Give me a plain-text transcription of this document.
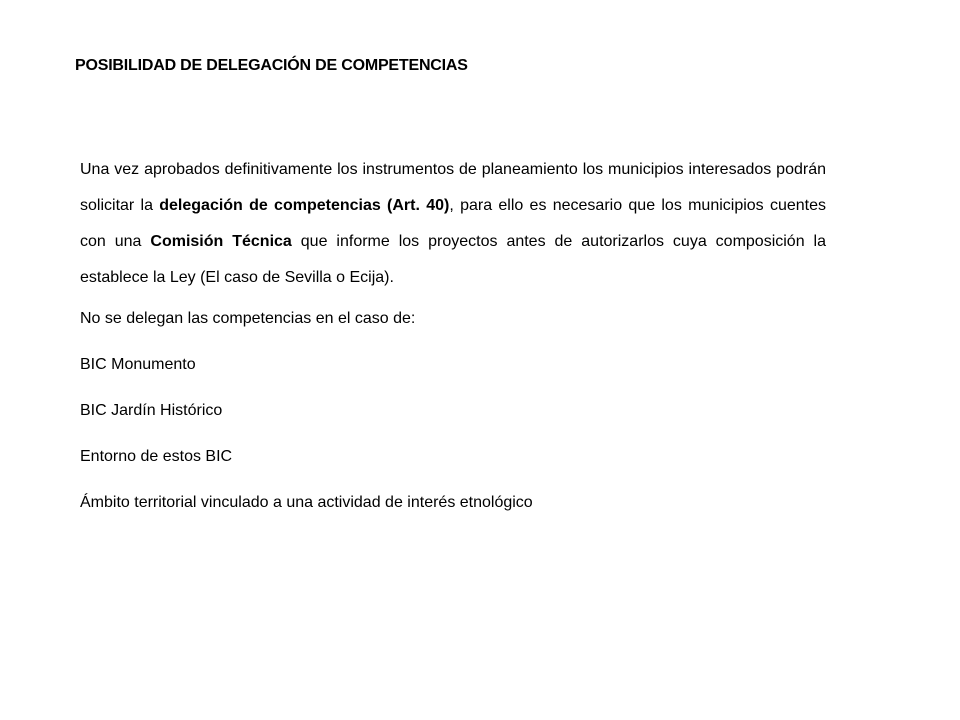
POSIBILIDAD DE DELEGACIÓN DE COMPETENCIAS

Una vez aprobados definitivamente los instrumentos de planeamiento los municipios interesados podrán solicitar la delegación de competencias (Art. 40), para ello es necesario que los municipios cuentes con una Comisión Técnica que informe los proyectos antes de autorizarlos cuya composición la establece la Ley (El caso de Sevilla o Ecija).

No se delegan las competencias en el caso de:
BIC Monumento
BIC Jardín Histórico
Entorno de estos BIC
Ámbito territorial vinculado a una actividad de interés etnológico
